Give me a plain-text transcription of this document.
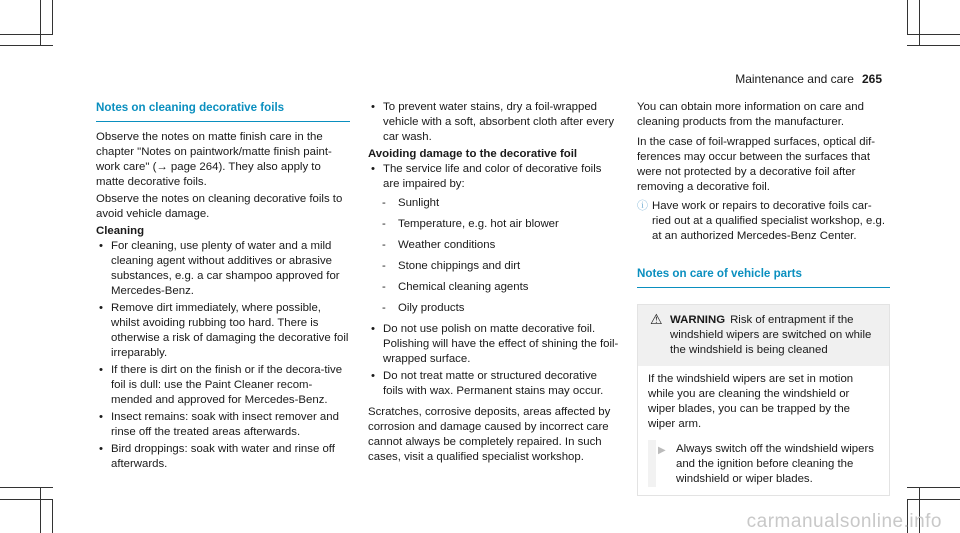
Maintenance and care 265
Notes on cleaning decorative foils

Observe the notes on matte finish care in the chapter "Notes on paintwork/matte finish paint-work care" (→ page 264). They also apply to matte decorative foils.

Observe the notes on cleaning decorative foils to avoid vehicle damage.

Cleaning
• For cleaning, use plenty of water and a mild cleaning agent without additives or abrasive substances, e.g. a car shampoo approved for Mercedes-Benz.
• Remove dirt immediately, where possible, whilst avoiding rubbing too hard. There is otherwise a risk of damaging the decorative foil irreparably.
• If there is dirt on the finish or if the decora-tive foil is dull: use the Paint Cleaner recom-mended and approved for Mercedes-Benz.
• Insect remains: soak with insect remover and rinse off the treated areas afterwards.
• Bird droppings: soak with water and rinse off afterwards.
• To prevent water stains, dry a foil-wrapped vehicle with a soft, absorbent cloth after every car wash.
Avoiding damage to the decorative foil
• The service life and color of decorative foils are impaired by:
- Sunlight
- Temperature, e.g. hot air blower
- Weather conditions
- Stone chippings and dirt
- Chemical cleaning agents
- Oily products
• Do not use polish on matte decorative foil. Polishing will have the effect of shining the foil-wrapped surface.
• Do not treat matte or structured decorative foils with wax. Permanent stains may occur.

Scratches, corrosive deposits, areas affected by corrosion and damage caused by incorrect care cannot always be completely repaired. In such cases, visit a qualified specialist workshop.

You can obtain more information on care and cleaning products from the manufacturer.

In the case of foil-wrapped surfaces, optical dif-ferences may occur between the surfaces that were not protected by a decorative foil after removing a decorative foil.

ⓘ Have work or repairs to decorative foils car-ried out at a qualified specialist workshop, e.g. at an authorized Mercedes-Benz Center.
Notes on care of vehicle parts
⚠ WARNING Risk of entrapment if the windshield wipers are switched on while the windshield is being cleaned

If the windshield wipers are set in motion while you are cleaning the windshield or wiper blades, you can be trapped by the wiper arm.

▶ Always switch off the windshield wipers and the ignition before cleaning the windshield or wiper blades.
carmanualsonline.info
